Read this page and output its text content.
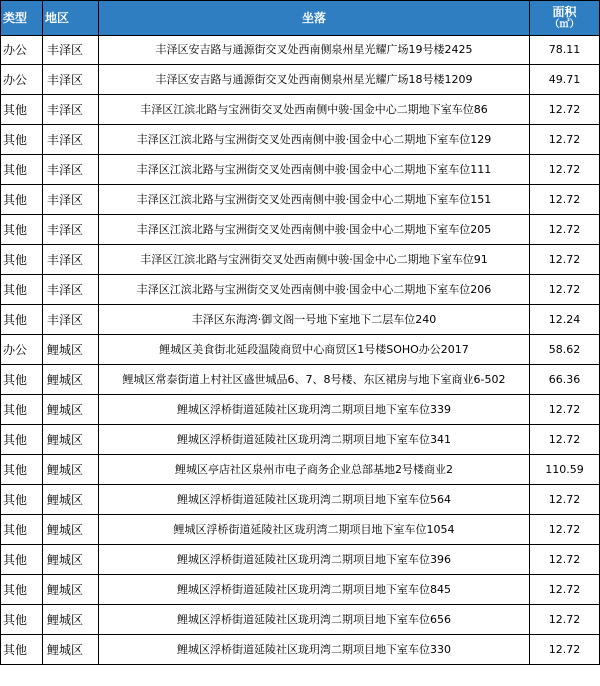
类型	地区	坐落	面积
（㎡）

办公	丰泽区	丰泽区安吉路与通源街交叉处西南侧泉州星光耀广场19号楼2425	78.11
办公	丰泽区	丰泽区安吉路与通源街交叉处西南侧泉州星光耀广场18号楼1209	49.71
其他	丰泽区	丰泽区江滨北路与宝洲街交叉处西南侧中骏·国金中心二期地下室车位86	12.72
其他	丰泽区	丰泽区江滨北路与宝洲街交叉处西南侧中骏·国金中心二期地下室车位129	12.72
其他	丰泽区	丰泽区江滨北路与宝洲街交叉处西南侧中骏·国金中心二期地下室车位111	12.72
其他	丰泽区	丰泽区江滨北路与宝洲街交叉处西南侧中骏·国金中心二期地下室车位151	12.72
其他	丰泽区	丰泽区江滨北路与宝洲街交叉处西南侧中骏·国金中心二期地下室车位205	12.72
其他	丰泽区	丰泽区江滨北路与宝洲街交叉处西南侧中骏·国金中心二期地下室车位91	12.72
其他	丰泽区	丰泽区江滨北路与宝洲街交叉处西南侧中骏·国金中心二期地下室车位206	12.72
其他	丰泽区	丰泽区东海湾·御文阁一号地下室地下二层车位240	12.24
办公	鲤城区	鲤城区美食街北延段温陵商贸中心商贸区1号楼SOHO办公2017	58.62
其他	鲤城区	鲤城区常泰街道上村社区盛世城品6、7、8号楼、东区裙房与地下室商业6-502	66.36
其他	鲤城区	鲤城区浮桥街道延陵社区珑玥湾二期项目地下室车位339	12.72
其他	鲤城区	鲤城区浮桥街道延陵社区珑玥湾二期项目地下室车位341	12.72
其他	鲤城区	鲤城区亭店社区泉州市电子商务企业总部基地2号楼商业2	110.59
其他	鲤城区	鲤城区浮桥街道延陵社区珑玥湾二期项目地下室车位564	12.72
其他	鲤城区	鲤城区浮桥街道延陵社区珑玥湾二期项目地下室车位1054	12.72
其他	鲤城区	鲤城区浮桥街道延陵社区珑玥湾二期项目地下室车位396	12.72
其他	鲤城区	鲤城区浮桥街道延陵社区珑玥湾二期项目地下室车位845	12.72
其他	鲤城区	鲤城区浮桥街道延陵社区珑玥湾二期项目地下室车位656	12.72
其他	鲤城区	鲤城区浮桥街道延陵社区珑玥湾二期项目地下室车位330	12.72
